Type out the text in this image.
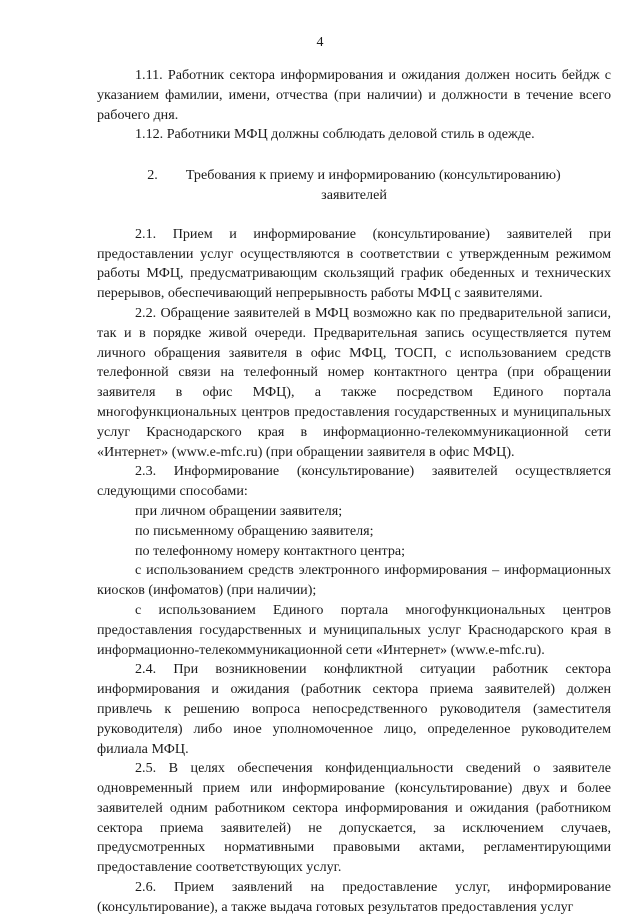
4

1.11. Работник сектора информирования и ожидания должен носить бейдж с указанием фамилии, имени, отчества (при наличии) и должности в течение всего рабочего дня.

1.12. Работники МФЦ должны соблюдать деловой стиль в одежде.

2. Требования к приему и информированию (консультированию)
заявителей

2.1. Прием и информирование (консультирование) заявителей при предоставлении услуг осуществляются в соответствии с утвержденным режимом работы МФЦ, предусматривающим скользящий график обеденных и технических перерывов, обеспечивающий непрерывность работы МФЦ с заявителями.

2.2. Обращение заявителей в МФЦ возможно как по предварительной записи, так и в порядке живой очереди. Предварительная запись осуществляется путем личного обращения заявителя в офис МФЦ, ТОСП, с использованием средств телефонной связи на телефонный номер контактного центра (при обращении заявителя в офис МФЦ), а также посредством Единого портала многофункциональных центров предоставления государственных и муниципальных услуг Краснодарского края в информационно-телекоммуникационной сети «Интернет» (www.e-mfc.ru) (при обращении заявителя в офис МФЦ).

2.3. Информирование (консультирование) заявителей осуществляется следующими способами:

при личном обращении заявителя;

по письменному обращению заявителя;

по телефонному номеру контактного центра;

с использованием средств электронного информирования – информационных киосков (инфоматов) (при наличии);

с использованием Единого портала многофункциональных центров предоставления государственных и муниципальных услуг Краснодарского края в информационно-телекоммуникационной сети «Интернет» (www.e-mfc.ru).

2.4. При возникновении конфликтной ситуации работник сектора информирования и ожидания (работник сектора приема заявителей) должен привлечь к решению вопроса непосредственного руководителя (заместителя руководителя) либо иное уполномоченное лицо, определенное руководителем филиала МФЦ.

2.5. В целях обеспечения конфиденциальности сведений о заявителе одновременный прием или информирование (консультирование) двух и более заявителей одним работником сектора информирования и ожидания (работником сектора приема заявителей) не допускается, за исключением случаев, предусмотренных нормативными правовыми актами, регламентирующими предоставление соответствующих услуг.

2.6. Прием заявлений на предоставление услуг, информирование (консультирование), а также выдача готовых результатов предоставления услуг
